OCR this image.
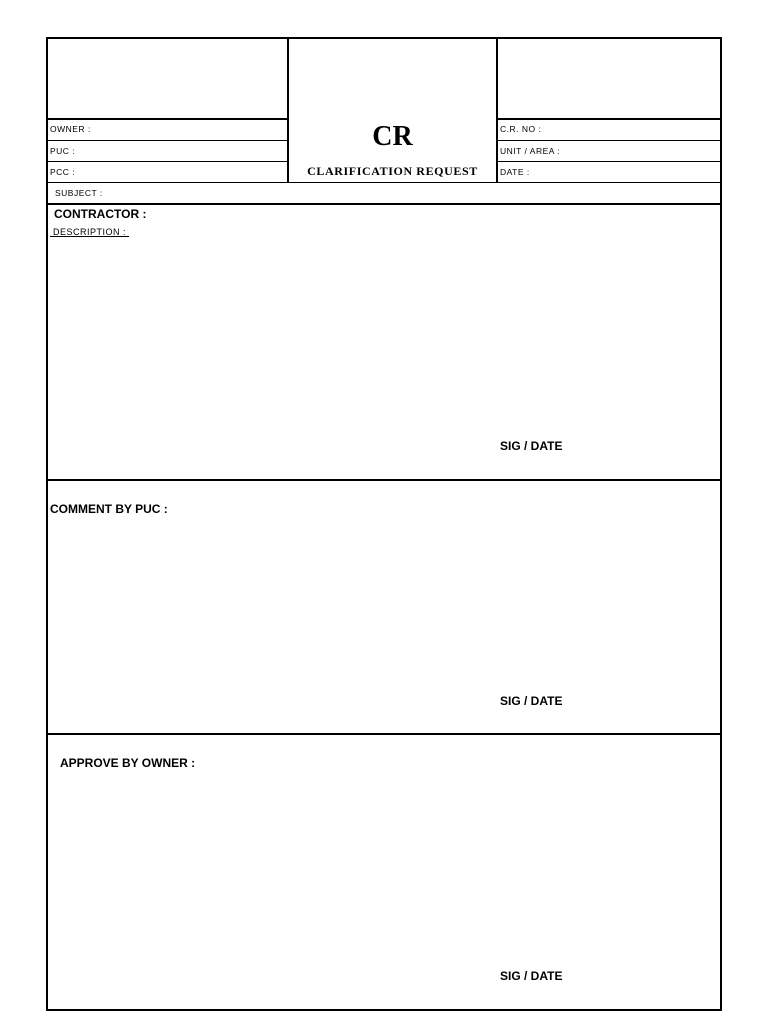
OWNER :
PUC :
PCC :
CR
CLARIFICATION REQUEST
C.R. NO :
UNIT / AREA :
DATE :
SUBJECT :
CONTRACTOR :
DESCRIPTION :
SIG / DATE
COMMENT BY PUC :
SIG / DATE
APPROVE BY OWNER :
SIG / DATE
